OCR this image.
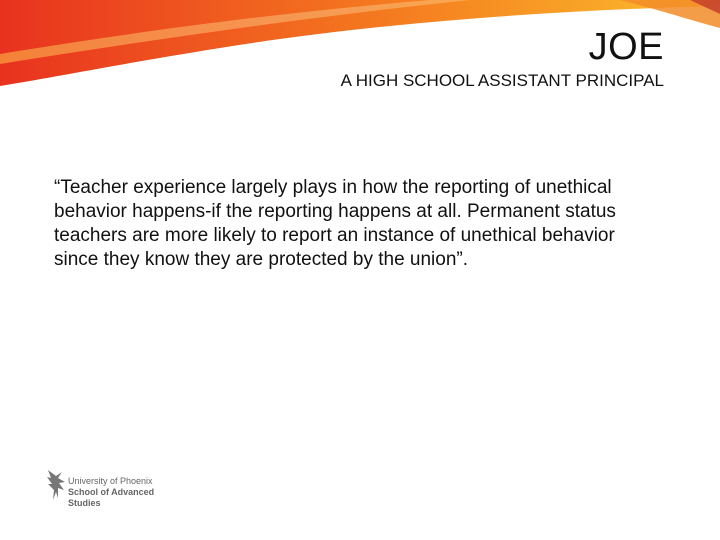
JOE
A HIGH SCHOOL ASSISTANT PRINCIPAL

“Teacher experience largely plays in how the reporting of unethical behavior happens-if the reporting happens at all. Permanent status teachers are more likely to report an instance of unethical behavior since they know they are protected by the union”.

University of Phoenix
School of Advanced
Studies
